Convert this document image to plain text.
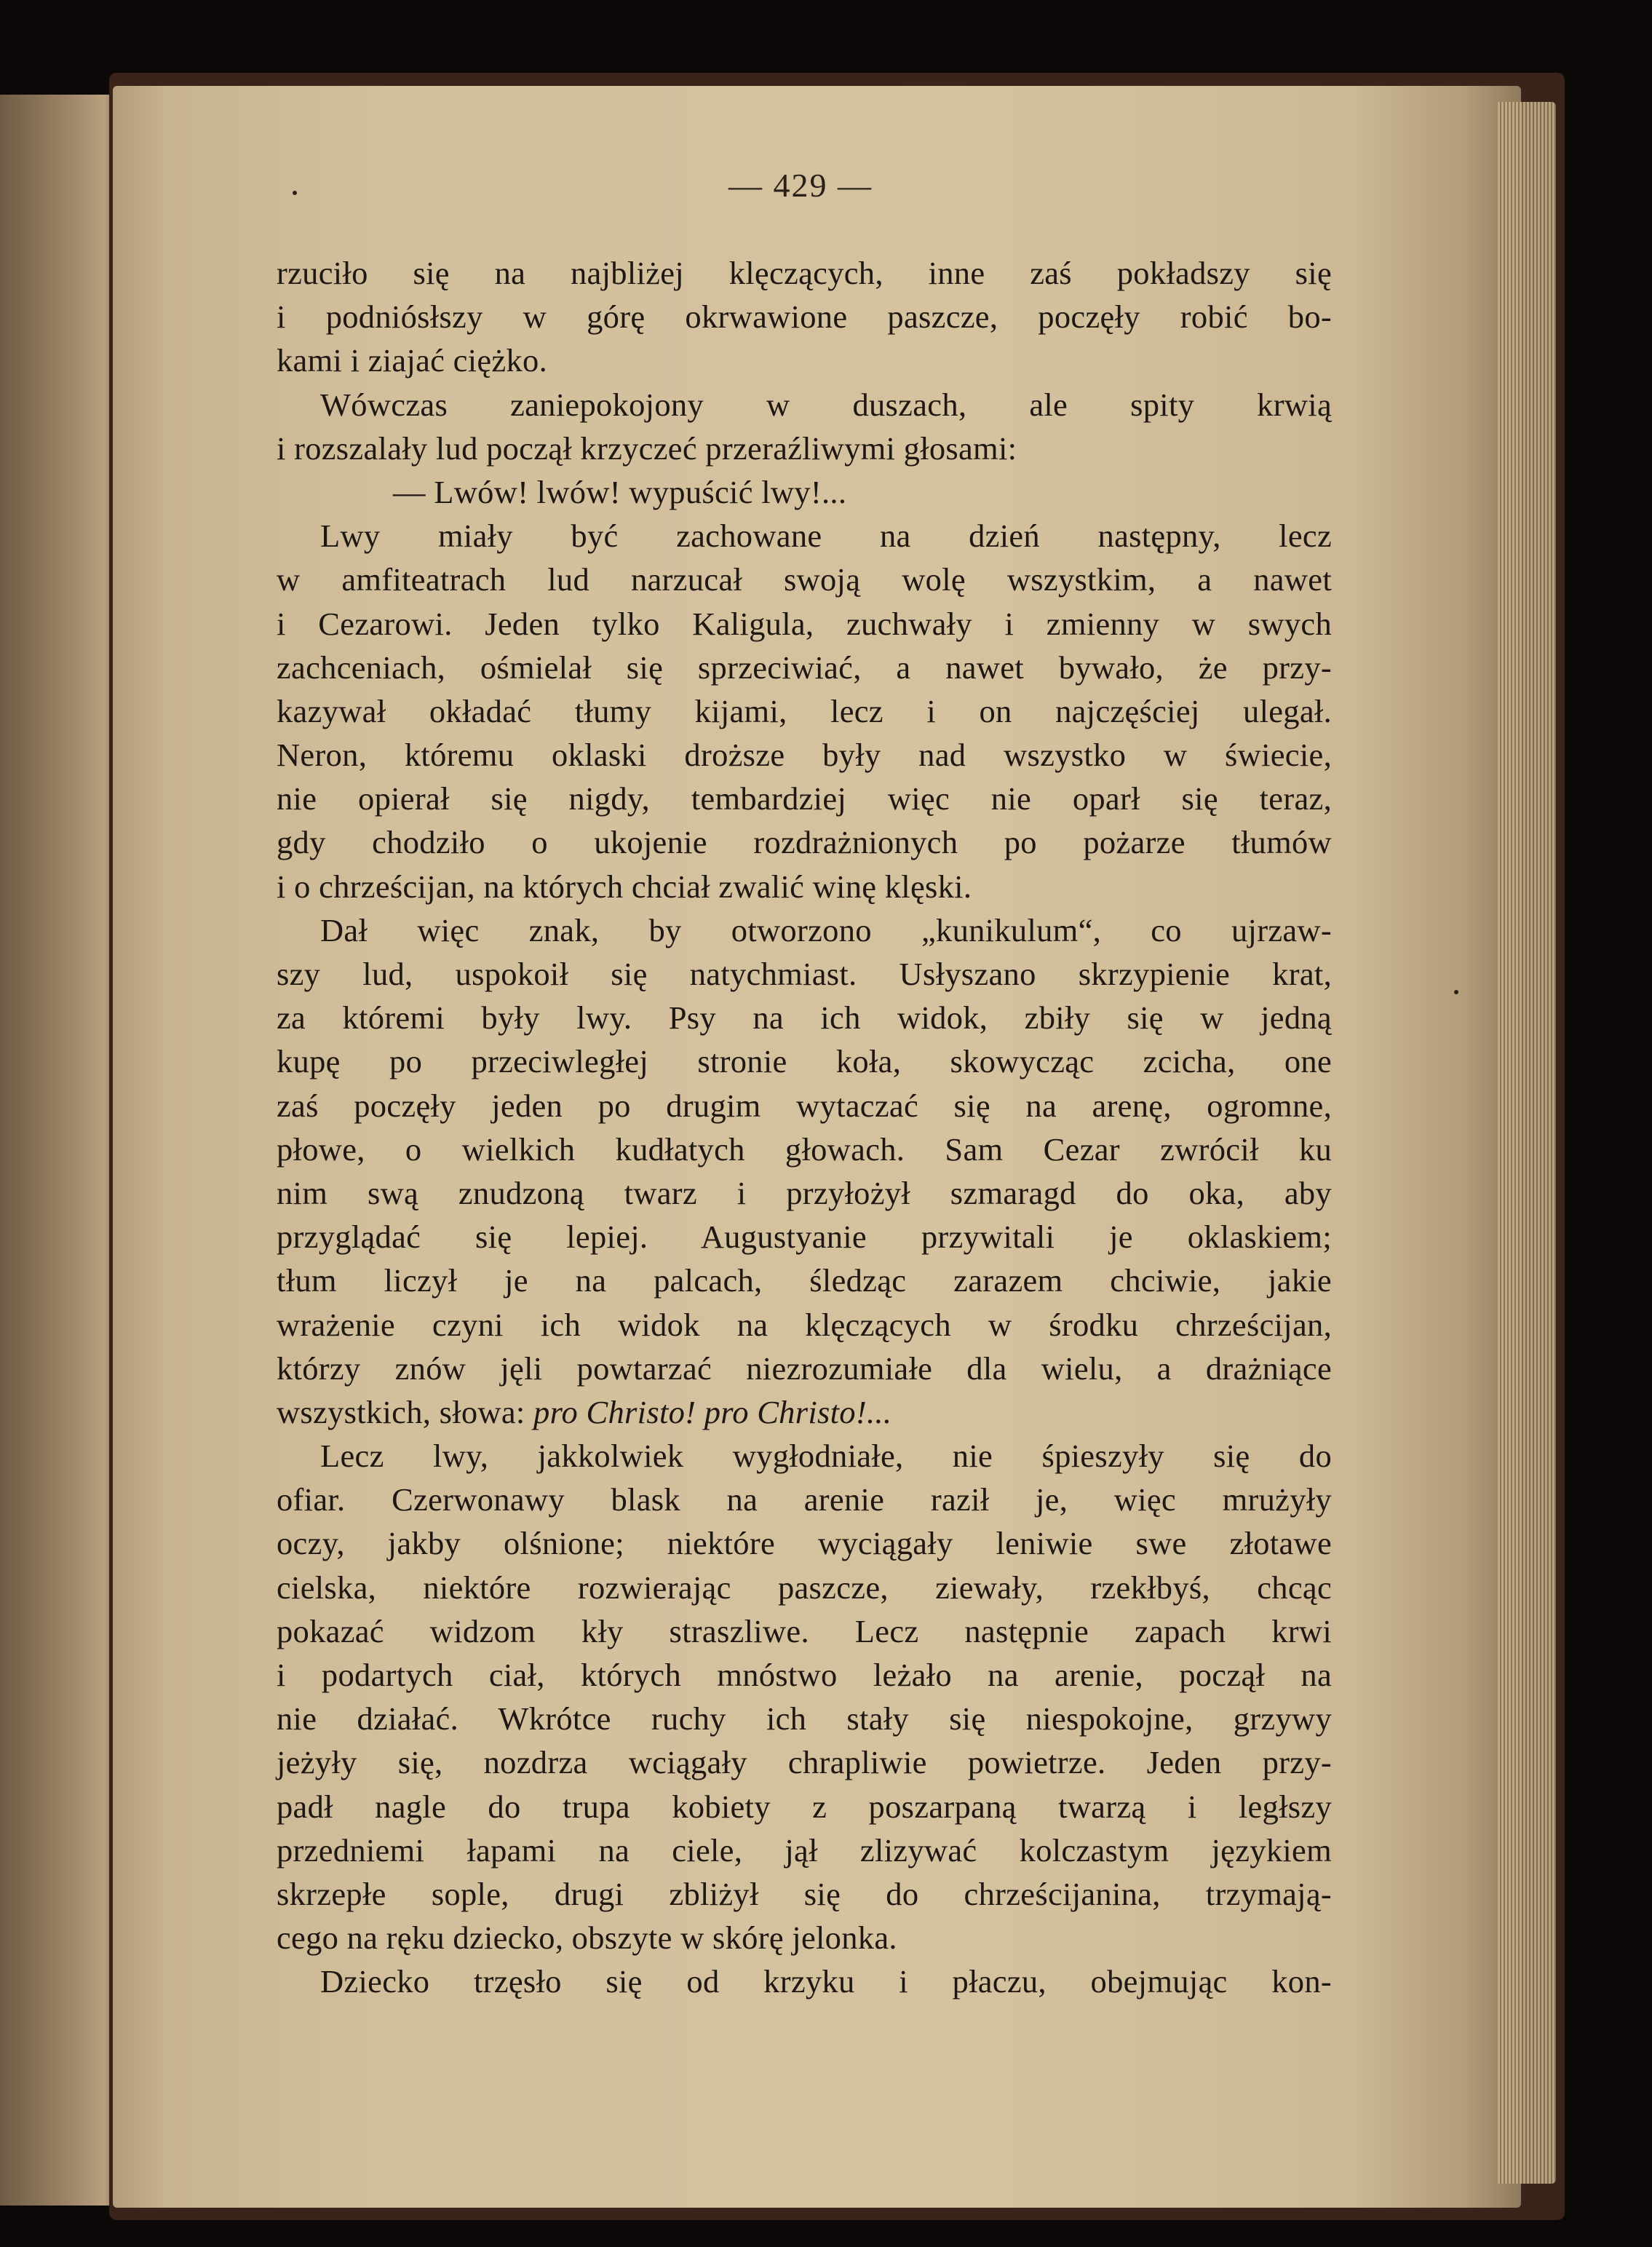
— 429 —
rzuciło się na najbliżej klęczących, inne zaś pokładszy się
i podniósłszy w górę okrwawione paszcze, poczęły robić bo-
kami i ziajać ciężko.
Wówczas zaniepokojony w duszach, ale spity krwią
i rozszalały lud począł krzyczeć przeraźliwymi głosami:
— Lwów! lwów! wypuścić lwy!...
Lwy miały być zachowane na dzień następny, lecz
w amfiteatrach lud narzucał swoją wolę wszystkim, a nawet
i Cezarowi. Jeden tylko Kaligula, zuchwały i zmienny w swych
zachceniach, ośmielał się sprzeciwiać, a nawet bywało, że przy-
kazywał okładać tłumy kijami, lecz i on najczęściej ulegał.
Neron, któremu oklaski droższe były nad wszystko w świecie,
nie opierał się nigdy, tembardziej więc nie oparł się teraz,
gdy chodziło o ukojenie rozdrażnionych po pożarze tłumów
i o chrześcijan, na których chciał zwalić winę klęski.
Dał więc znak, by otworzono „kunikulum“, co ujrzaw-
szy lud, uspokoił się natychmiast. Usłyszano skrzypienie krat,
za któremi były lwy. Psy na ich widok, zbiły się w jedną
kupę po przeciwległej stronie koła, skowycząc zcicha, one
zaś poczęły jeden po drugim wytaczać się na arenę, ogromne,
płowe, o wielkich kudłatych głowach. Sam Cezar zwrócił ku
nim swą znudzoną twarz i przyłożył szmaragd do oka, aby
przyglądać się lepiej. Augustyanie przywitali je oklaskiem;
tłum liczył je na palcach, śledząc zarazem chciwie, jakie
wrażenie czyni ich widok na klęczących w środku chrześcijan,
którzy znów jęli powtarzać niezrozumiałe dla wielu, a drażniące
wszystkich, słowa: pro Christo! pro Christo!...
Lecz lwy, jakkolwiek wygłodniałe, nie śpieszyły się do
ofiar. Czerwonawy blask na arenie raził je, więc mrużyły
oczy, jakby olśnione; niektóre wyciągały leniwie swe złotawe
cielska, niektóre rozwierając paszcze, ziewały, rzekłbyś, chcąc
pokazać widzom kły straszliwe. Lecz następnie zapach krwi
i podartych ciał, których mnóstwo leżało na arenie, począł na
nie działać. Wkrótce ruchy ich stały się niespokojne, grzywy
jeżyły się, nozdrza wciągały chrapliwie powietrze. Jeden przy-
padł nagle do trupa kobiety z poszarpaną twarzą i ległszy
przedniemi łapami na ciele, jął zlizywać kolczastym językiem
skrzepłe sople, drugi zbliżył się do chrześcijanina, trzymają-
cego na ręku dziecko, obszyte w skórę jelonka.
Dziecko trzęsło się od krzyku i płaczu, obejmując kon-
